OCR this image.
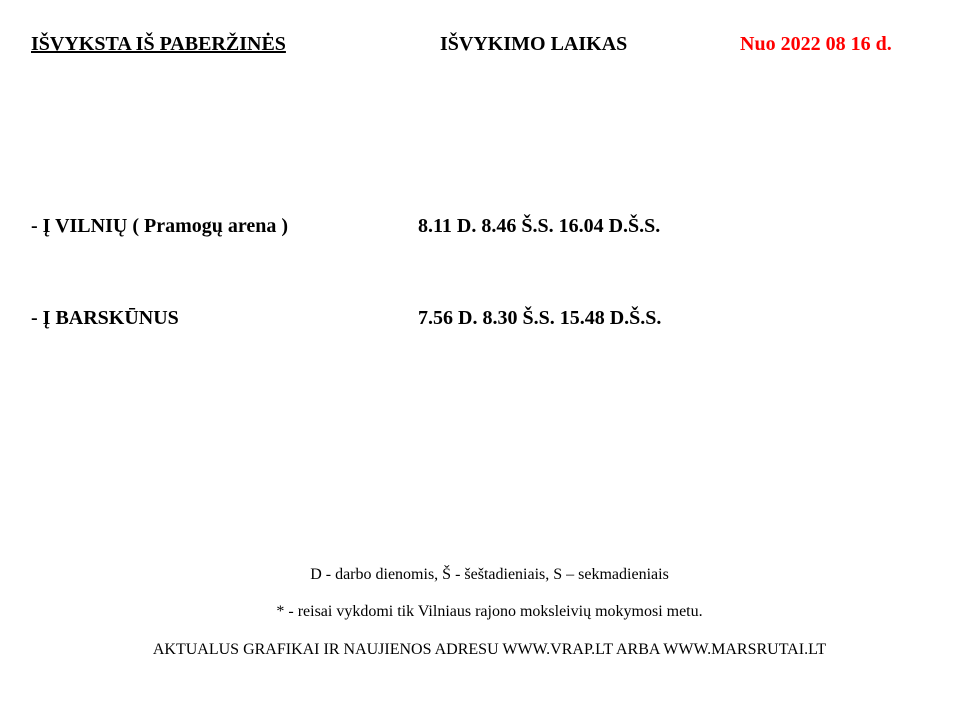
IŠVYKSTA IŠ PABERŽINĖS	IŠVYKIMO LAIKAS	Nuo 2022 08 16 d.
- Į VILNIŲ ( Pramogų arena )	8.11 D. 8.46 Š.S. 16.04 D.Š.S.
- Į BARSKŪNUS	7.56 D. 8.30 Š.S. 15.48 D.Š.S.
D - darbo dienomis, Š - šeštadieniais, S – sekmadieniais
* - reisai vykdomi tik Vilniaus rajono moksleivių mokymosi metu.
AKTUALUS GRAFIKAI IR NAUJIENOS ADRESU WWW.VRAP.LT ARBA WWW.MARSRUTAI.LT
